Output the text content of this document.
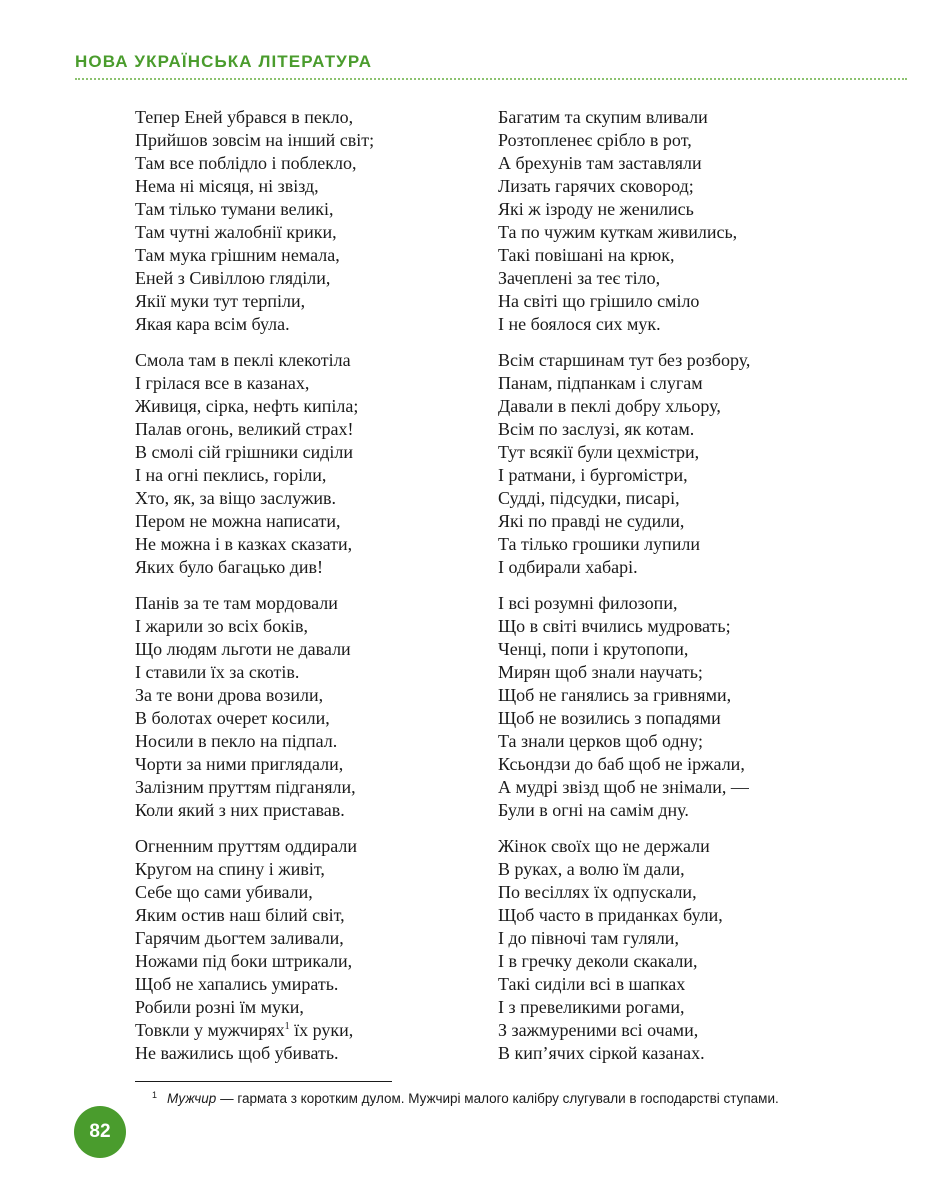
НОВА УКРАЇНСЬКА ЛІТЕРАТУРА
Тепер Еней убрався в пекло,
Прийшов зовсім на інший світ;
Там все поблідло і поблекло,
Нема ні місяця, ні звізд,
Там тілько тумани великі,
Там чутні жалобнії крики,
Там мука грішним немала,
Еней з Сивіллою гляділи,
Якії муки тут терпіли,
Якая кара всім була.
Смола там в пеклі клекотіла
І грілася все в казанах,
Живиця, сірка, нефть кипіла;
Палав огонь, великий страх!
В смолі сій грішники сиділи
І на огні пеклись, горіли,
Хто, як, за віщо заслужив.
Пером не можна написати,
Не можна і в казках сказати,
Яких було багацько див!
Панів за те там мордовали
І жарили зо всіх боків,
Що людям льготи не давали
І ставили їх за скотів.
За те вони дрова возили,
В болотах очерет косили,
Носили в пекло на підпал.
Чорти за ними приглядали,
Залізним пруттям підганяли,
Коли який з них приставав.
Огненним пруттям оддирали
Кругом на спину і живіт,
Себе що сами убивали,
Яким остив наш білий світ,
Гарячим дьогтем заливали,
Ножами під боки штрикали,
Щоб не хапались умирать.
Робили розні їм муки,
Товкли у мужчирях$^1$ їх руки,
Не важились щоб убивать.
Багатим та скупим вливали
Розтопленеє срібло в рот,
А брехунів там заставляли
Лизать гарячих сковород;
Які ж ізроду не женились
Та по чужим куткам живились,
Такі повішані на крюк,
Зачеплені за теє тіло,
На світі що грішило сміло
І не боялося сих мук.
Всім старшинам тут без розбору,
Панам, підпанкам і слугам
Давали в пеклі добру хльору,
Всім по заслузі, як котам.
Тут всякії були цехмістри,
І ратмани, і бургомістри,
Судді, підсудки, писарі,
Які по правді не судили,
Та тілько грошики лупили
І одбирали хабарі.
І всі розумні филозопи,
Що в світі вчились мудровать;
Ченці, попи і крутопопи,
Мирян щоб знали научать;
Щоб не ганялись за гривнями,
Щоб не возились з попадями
Та знали церков щоб одну;
Ксьондзи до баб щоб не іржали,
А мудрі звізд щоб не знімали, —
Були в огні на самім дну.
Жінок своїх що не держали
В руках, а волю їм дали,
По весіллях їх одпускали,
Щоб часто в приданках були,
І до півночі там гуляли,
І в гречку деколи скакали,
Такі сиділи всі в шапках
І з превеликими рогами,
З зажмуреними всі очами,
В кип’ячих сіркой казанах.
$^1$ Мужчир — гармата з коротким дулом. Мужчирі малого калібру слугували в господарстві ступами.
82
